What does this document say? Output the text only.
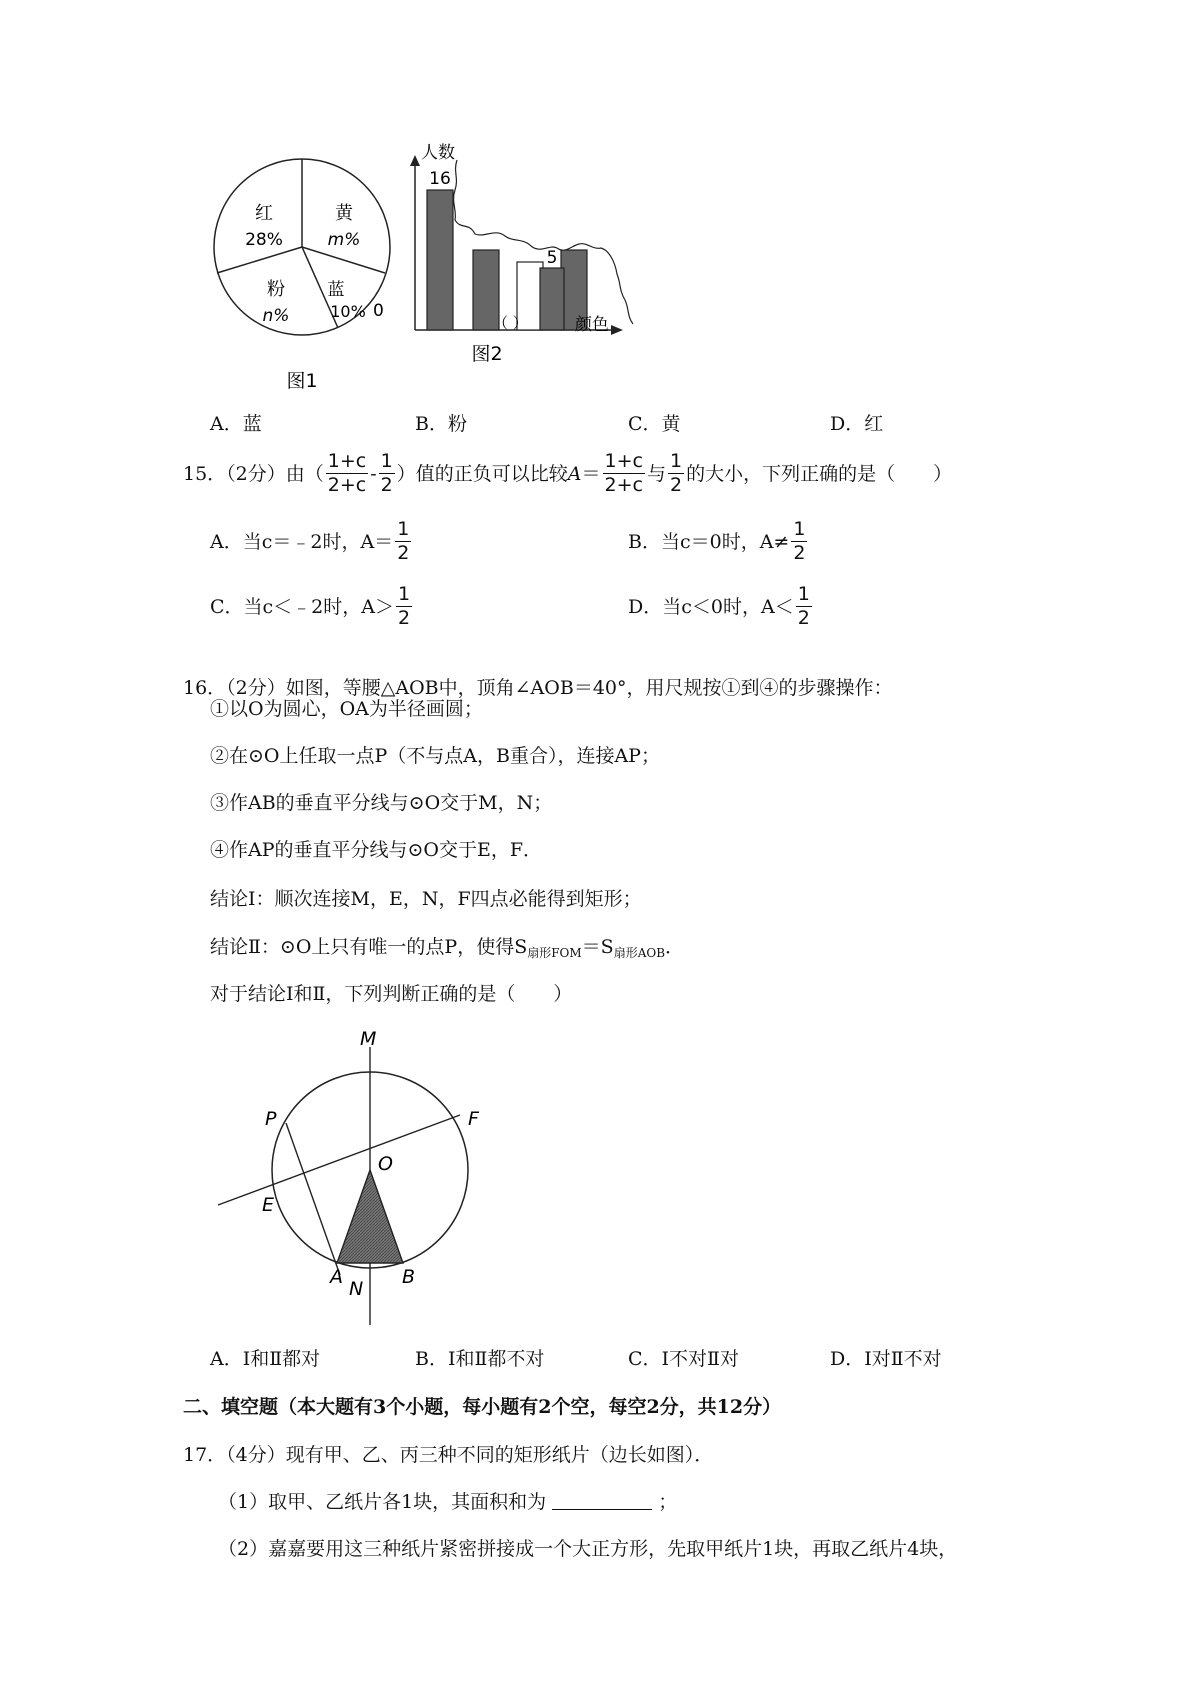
红
28%
黄
m%
粉
n%
蓝
10%
图1
人数
16
5
0
（ ）	颜色
图2
A．蓝	B．粉	C．黄	D．红
15．（2分）由（ $\frac{1+c}{2+c} - \frac{1}{2}$ ）值的正负可以比较 $A = \frac{1+c}{2+c}$ 与 $\frac{1}{2}$ 的大小，下列正确的是（　　）
A．当c＝﹣2时，$A= \frac{1}{2}$	B．当c＝0时，$A\ne \frac{1}{2}$
C．当c＜﹣2时，$A> \frac{1}{2}$	D．当c＜0时，$A< \frac{1}{2}$
16．（2分）如图，等腰△AOB中，顶角∠AOB＝40°，用尺规按①到④的步骤操作：
①以O为圆心，OA为半径画圆；
②在⊙O上任取一点P（不与点A，B重合），连接AP；
③作AB的垂直平分线与⊙O交于M，N；
④作AP的垂直平分线与⊙O交于E，F．
结论Ⅰ：顺次连接M，E，N，F四点必能得到矩形；
结论Ⅱ：⊙O上只有唯一的点P，使得$S_{扇形FOM}=S_{扇形AOB}$．
对于结论Ⅰ和Ⅱ，下列判断正确的是（　　）
M
P	F
O
E
A
N
B
A．Ⅰ和Ⅱ都对	B．Ⅰ和Ⅱ都不对	C．Ⅰ不对Ⅱ对	D．Ⅰ对Ⅱ不对
二、填空题（本大题有3个小题，每小题有2个空，每空2分，共12分）
17．（4分）现有甲、乙、丙三种不同的矩形纸片（边长如图）．
（1）取甲、乙纸片各1块，其面积和为	；
（2）嘉嘉要用这三种纸片紧密拼接成一个大正方形，先取甲纸片1块，再取乙纸片4块，
